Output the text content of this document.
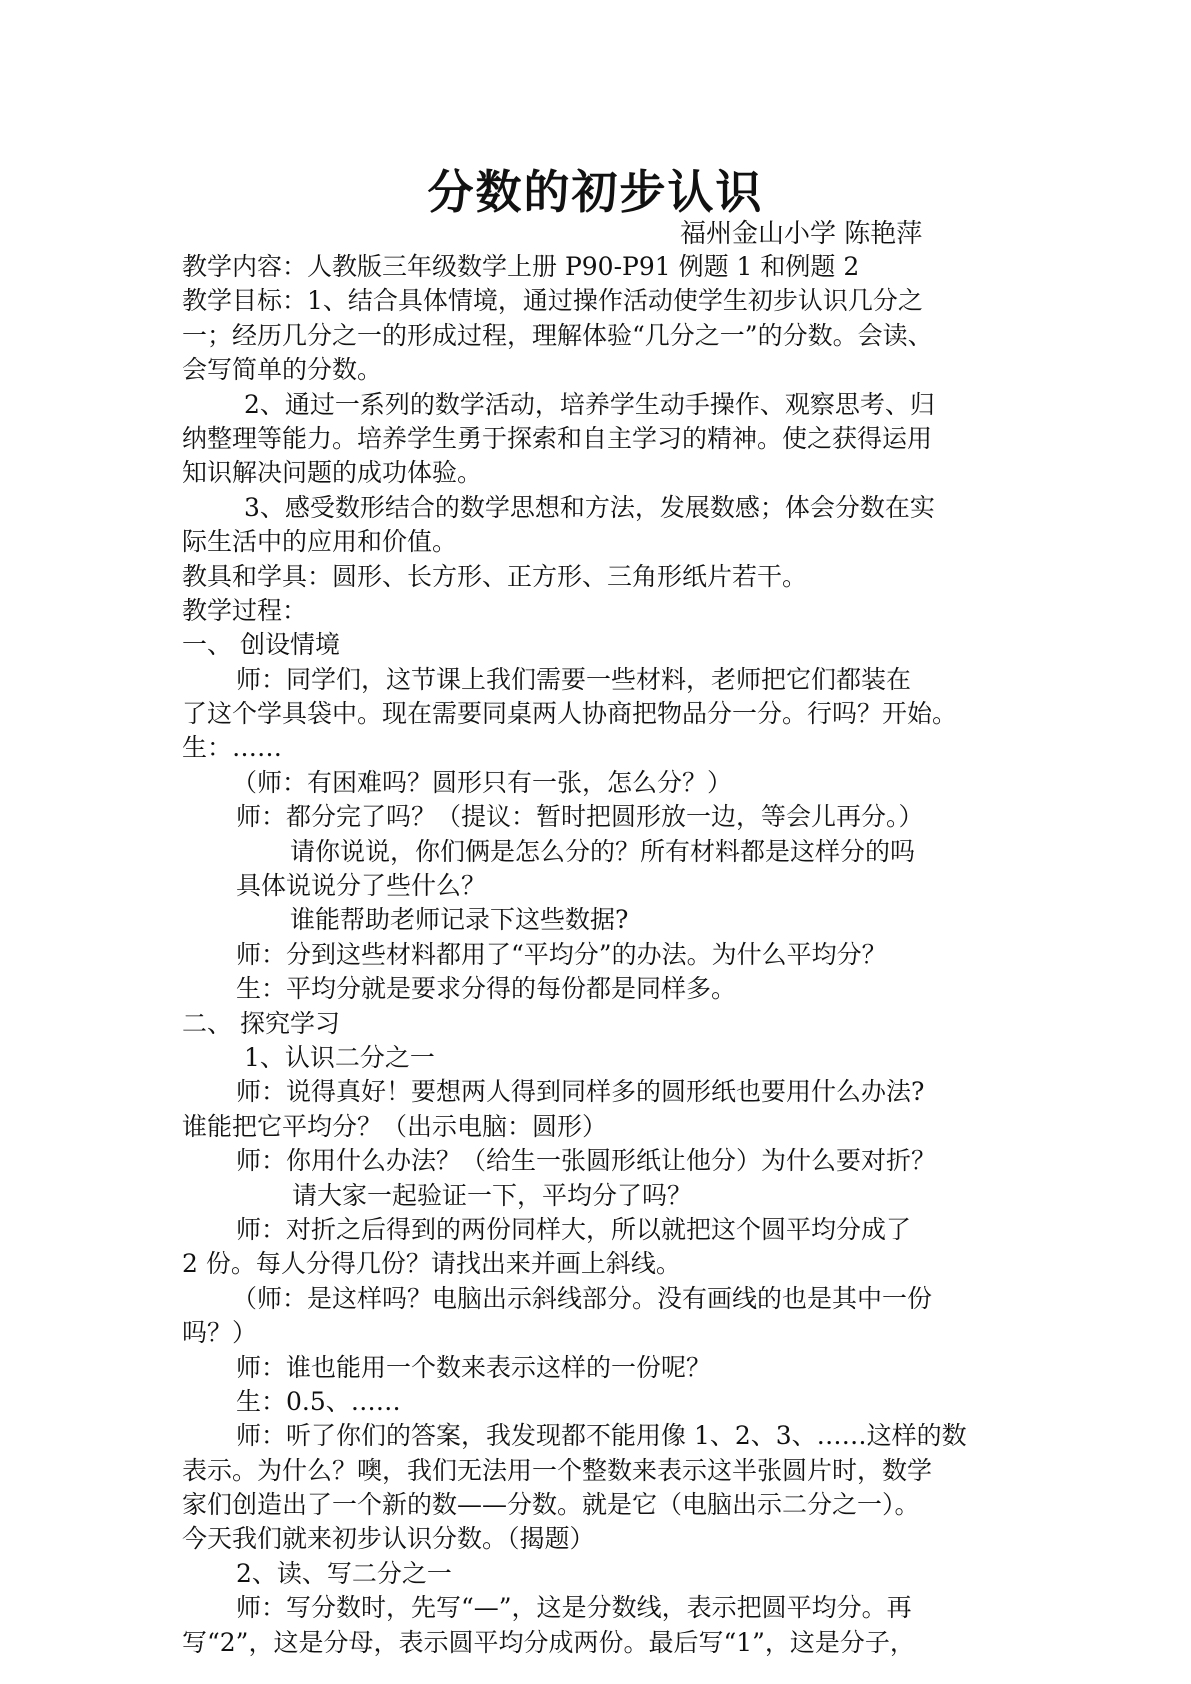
分数的初步认识
福州金山小学 陈艳萍
教学内容：人教版三年级数学上册 P90-P91 例题 1 和例题 2
教学目标：1、结合具体情境，通过操作活动使学生初步认识几分之
一；经历几分之一的形成过程，理解体验“几分之一”的分数。会读、
会写简单的分数。
2、通过一系列的数学活动，培养学生动手操作、观察思考、归
纳整理等能力。培养学生勇于探索和自主学习的精神。使之获得运用
知识解决问题的成功体验。
3、感受数形结合的数学思想和方法，发展数感；体会分数在实
际生活中的应用和价值。
教具和学具：圆形、长方形、正方形、三角形纸片若干。
教学过程：
一、 创设情境
师：同学们，这节课上我们需要一些材料，老师把它们都装在
了这个学具袋中。现在需要同桌两人协商把物品分一分。行吗？开始。
生：……
（师：有困难吗？圆形只有一张，怎么分？）
师：都分完了吗？（提议：暂时把圆形放一边，等会儿再分。）
请你说说，你们俩是怎么分的？所有材料都是这样分的吗
具体说说分了些什么？
谁能帮助老师记录下这些数据?
师：分到这些材料都用了“平均分”的办法。为什么平均分？
生：平均分就是要求分得的每份都是同样多。
二、 探究学习
1、认识二分之一
师：说得真好！要想两人得到同样多的圆形纸也要用什么办法?
谁能把它平均分？（出示电脑：圆形）
师：你用什么办法？（给生一张圆形纸让他分）为什么要对折？
请大家一起验证一下，平均分了吗？
师：对折之后得到的两份同样大，所以就把这个圆平均分成了
2 份。每人分得几份？请找出来并画上斜线。
（师：是这样吗？电脑出示斜线部分。没有画线的也是其中一份
吗？）
师：谁也能用一个数来表示这样的一份呢？
生：0.5、……
师：听了你们的答案，我发现都不能用像 1、2、3、……这样的数
表示。为什么？噢，我们无法用一个整数来表示这半张圆片时，数学
家们创造出了一个新的数——分数。就是它（电脑出示二分之一）。
今天我们就来初步认识分数。（揭题）
2、读、写二分之一
师：写分数时，先写“—”，这是分数线，表示把圆平均分。再
写“2”，这是分母，表示圆平均分成两份。最后写“1”，这是分子，
